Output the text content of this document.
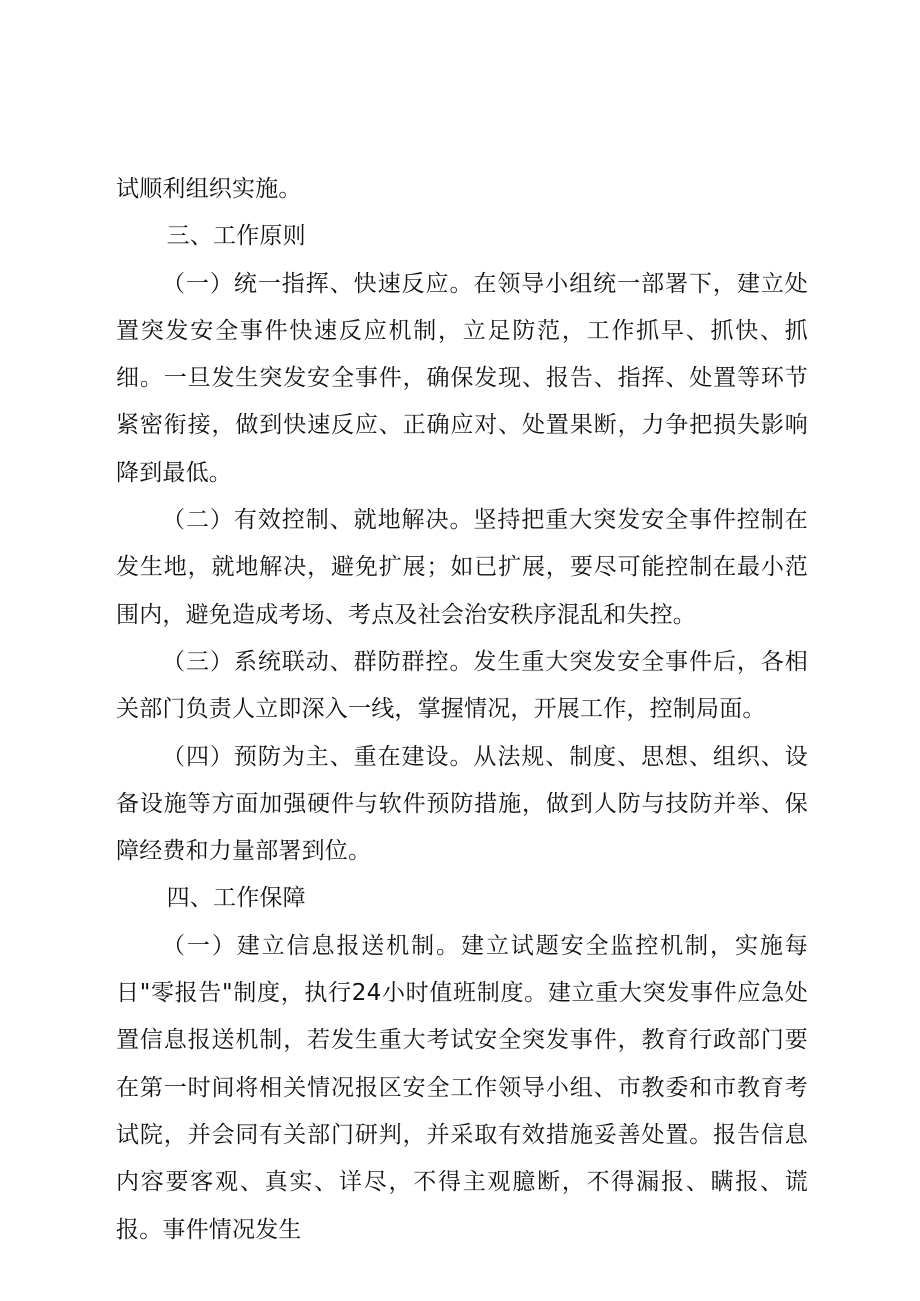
试顺利组织实施。

三、工作原则

（一）统一指挥、快速反应。在领导小组统一部署下，建立处置突发安全事件快速反应机制，立足防范，工作抓早、抓快、抓细。一旦发生突发安全事件，确保发现、报告、指挥、处置等环节紧密衔接，做到快速反应、正确应对、处置果断，力争把损失影响降到最低。

（二）有效控制、就地解决。坚持把重大突发安全事件控制在发生地，就地解决，避免扩展；如已扩展，要尽可能控制在最小范围内，避免造成考场、考点及社会治安秩序混乱和失控。

（三）系统联动、群防群控。发生重大突发安全事件后，各相关部门负责人立即深入一线，掌握情况，开展工作，控制局面。

（四）预防为主、重在建设。从法规、制度、思想、组织、设备设施等方面加强硬件与软件预防措施，做到人防与技防并举、保障经费和力量部署到位。

四、工作保障

（一）建立信息报送机制。建立试题安全监控机制，实施每日"零报告"制度，执行24小时值班制度。建立重大突发事件应急处置信息报送机制，若发生重大考试安全突发事件，教育行政部门要在第一时间将相关情况报区安全工作领导小组、市教委和市教育考试院，并会同有关部门研判，并采取有效措施妥善处置。报告信息内容要客观、真实、详尽，不得主观臆断，不得漏报、瞒报、谎报。事件情况发生
